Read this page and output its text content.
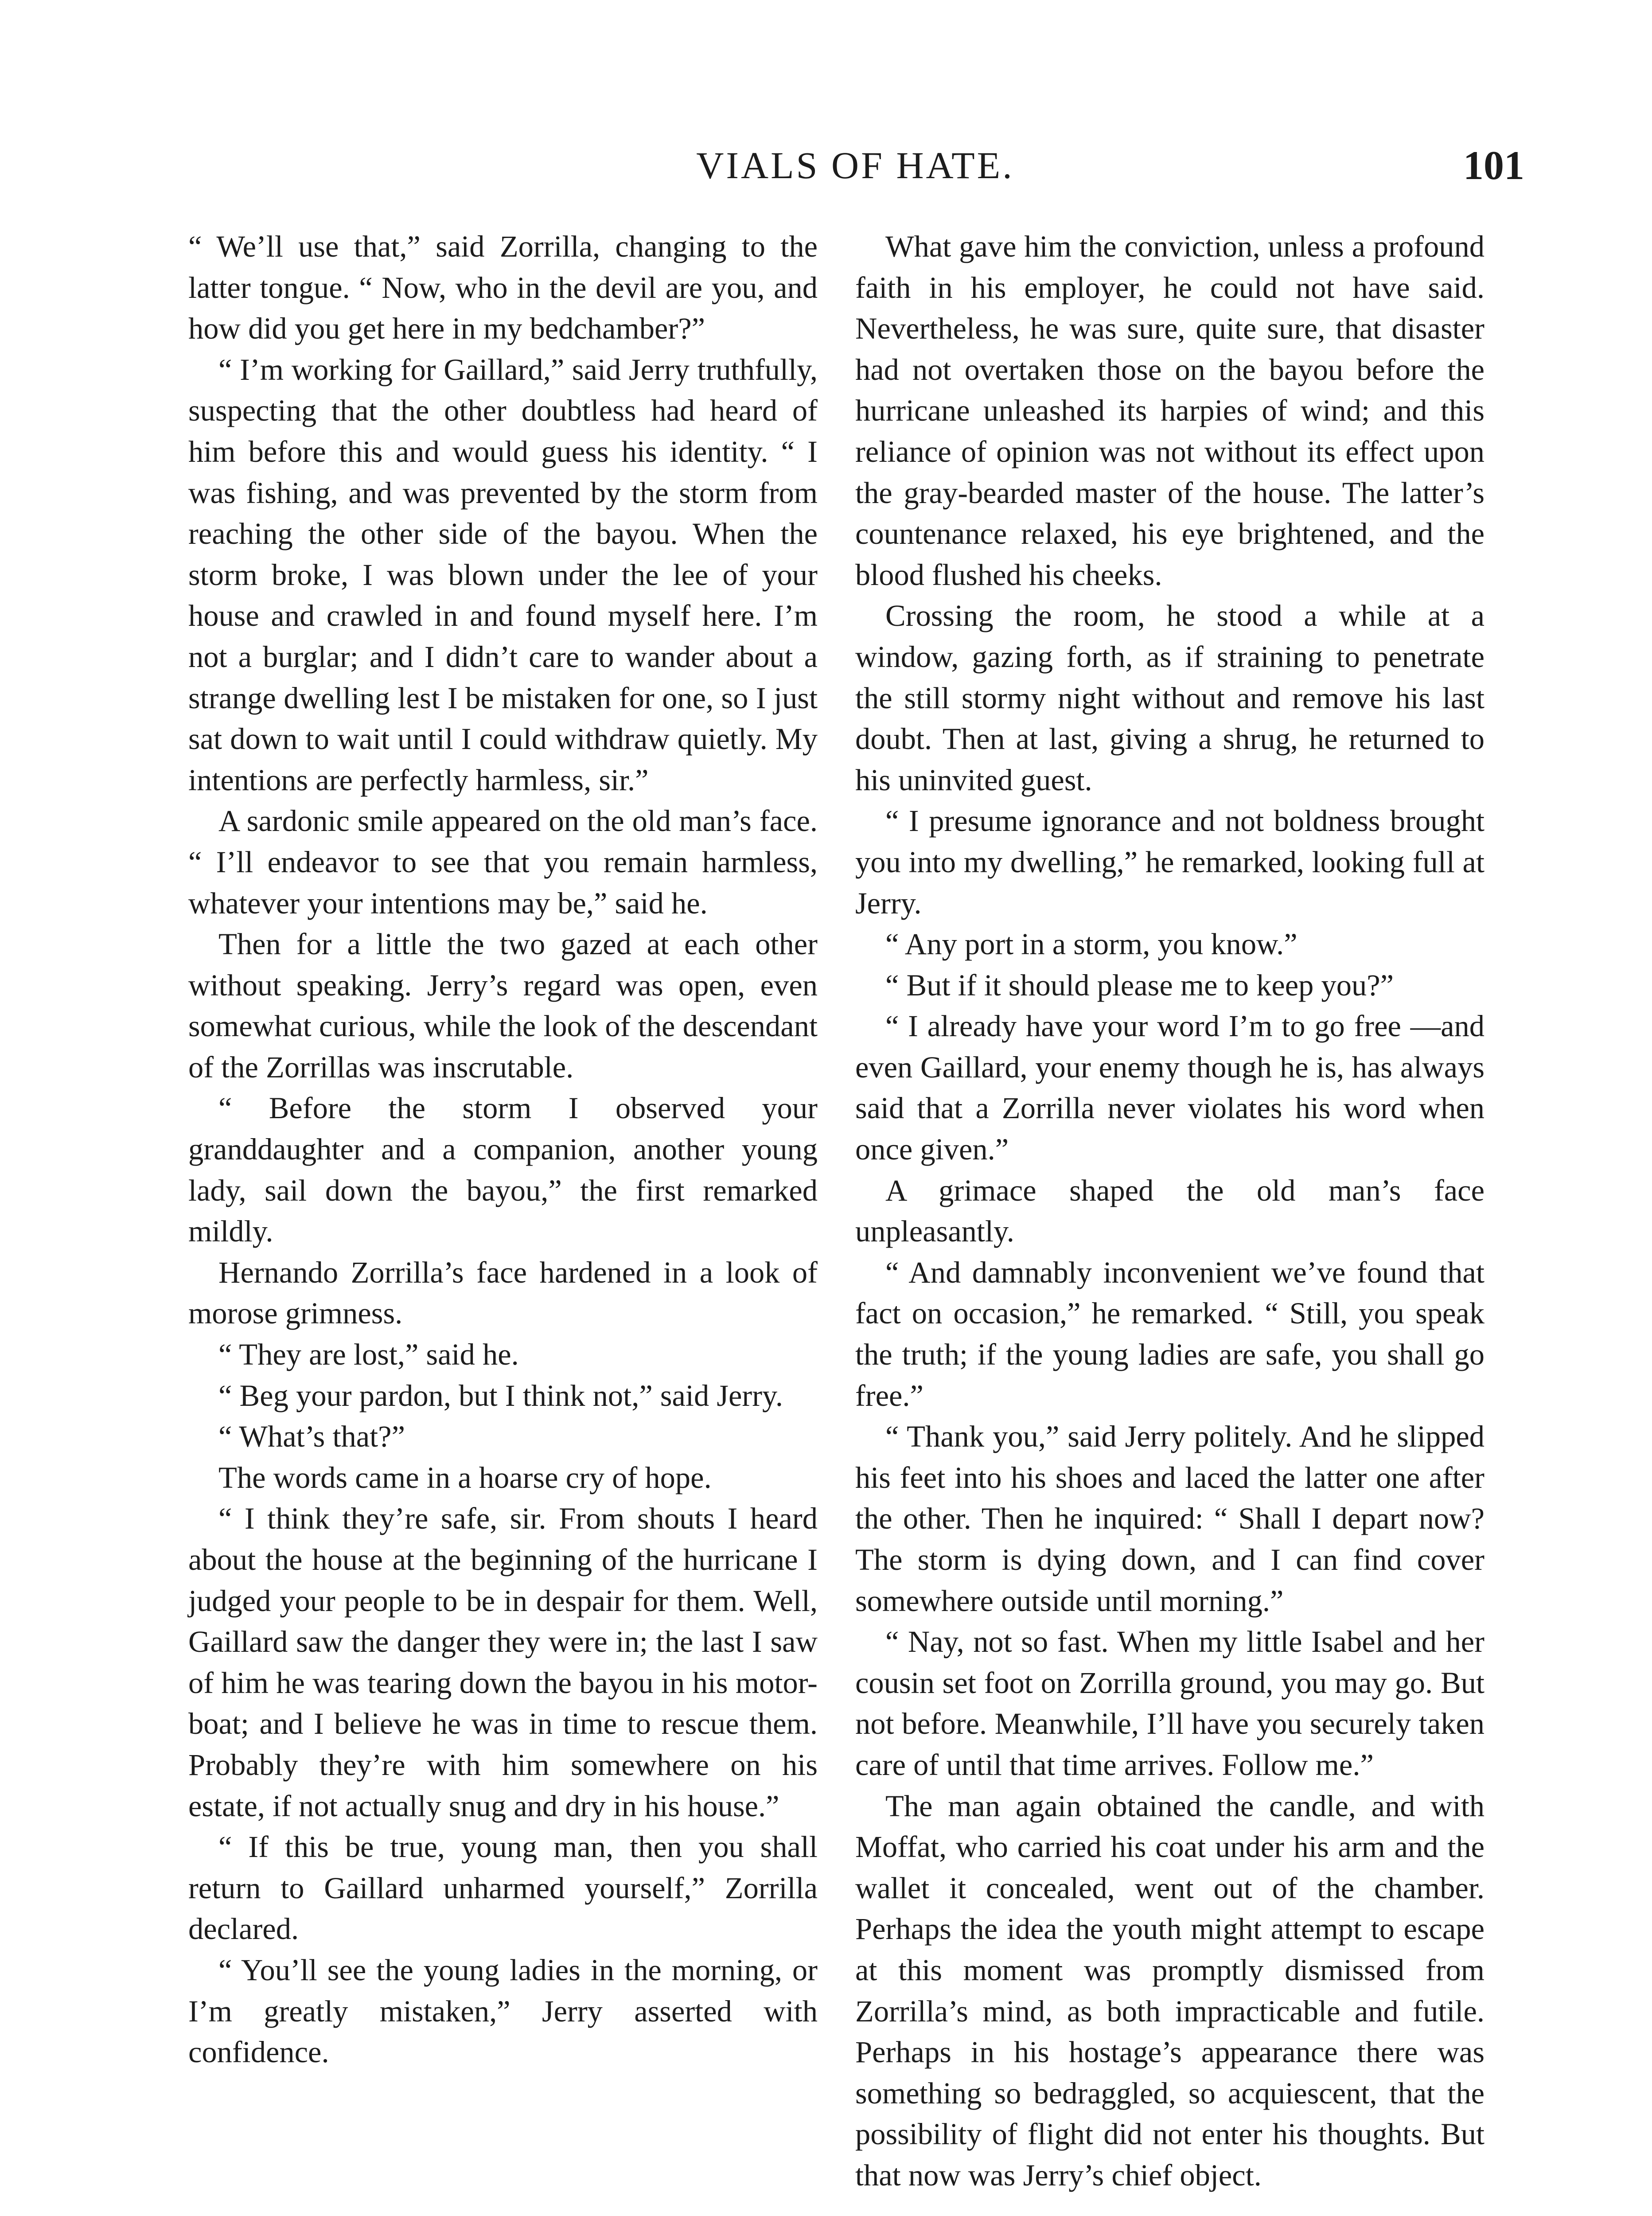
VIALS OF HATE.	101

“ We’ll use that,” said Zorrilla, changing to the latter tongue. “ Now, who in the devil are you, and how did you get here in my bedchamber?”

“ I’m working for Gaillard,” said Jerry truthfully, suspecting that the other doubtless had heard of him before this and would guess his identity. “ I was fishing, and was prevented by the storm from reaching the other side of the bayou. When the storm broke, I was blown under the lee of your house and crawled in and found myself here. I’m not a burglar; and I didn’t care to wander about a strange dwelling lest I be mistaken for one, so I just sat down to wait until I could withdraw quietly. My intentions are perfectly harmless, sir.”

A sardonic smile appeared on the old man’s face. “ I’ll endeavor to see that you remain harmless, whatever your intentions may be,” said he.

Then for a little the two gazed at each other without speaking. Jerry’s regard was open, even somewhat curious, while the look of the descendant of the Zorrillas was inscrutable.

“ Before the storm I observed your granddaughter and a companion, another young lady, sail down the bayou,” the first remarked mildly.

Hernando Zorrilla’s face hardened in a look of morose grimness.

“ They are lost,” said he.

“ Beg your pardon, but I think not,” said Jerry.

“ What’s that?”

The words came in a hoarse cry of hope.

“ I think they’re safe, sir. From shouts I heard about the house at the beginning of the hurricane I judged your people to be in despair for them. Well, Gaillard saw the danger they were in; the last I saw of him he was tearing down the bayou in his motor-boat; and I believe he was in time to rescue them. Probably they’re with him somewhere on his estate, if not actually snug and dry in his house.”

“ If this be true, young man, then you shall return to Gaillard unharmed yourself,” Zorrilla declared.

“ You’ll see the young ladies in the morning, or I’m greatly mistaken,” Jerry asserted with confidence.

What gave him the conviction, unless a profound faith in his employer, he could not have said. Nevertheless, he was sure, quite sure, that disaster had not overtaken those on the bayou before the hurricane unleashed its harpies of wind; and this reliance of opinion was not without its effect upon the gray-bearded master of the house. The latter’s countenance relaxed, his eye brightened, and the blood flushed his cheeks.

Crossing the room, he stood a while at a window, gazing forth, as if straining to penetrate the still stormy night without and remove his last doubt. Then at last, giving a shrug, he returned to his uninvited guest.

“ I presume ignorance and not boldness brought you into my dwelling,” he remarked, looking full at Jerry.

“ Any port in a storm, you know.”

“ But if it should please me to keep you?”

“ I already have your word I’m to go free —and even Gaillard, your enemy though he is, has always said that a Zorrilla never violates his word when once given.”

A grimace shaped the old man’s face unpleasantly.

“ And damnably inconvenient we’ve found that fact on occasion,” he remarked. “ Still, you speak the truth; if the young ladies are safe, you shall go free.”

“ Thank you,” said Jerry politely. And he slipped his feet into his shoes and laced the latter one after the other. Then he inquired: “ Shall I depart now? The storm is dying down, and I can find cover somewhere outside until morning.”

“ Nay, not so fast. When my little Isabel and her cousin set foot on Zorrilla ground, you may go. But not before. Meanwhile, I’ll have you securely taken care of until that time arrives. Follow me.”

The man again obtained the candle, and with Moffat, who carried his coat under his arm and the wallet it concealed, went out of the chamber. Perhaps the idea the youth might attempt to escape at this moment was promptly dismissed from Zorrilla’s mind, as both impracticable and futile. Perhaps in his hostage’s appearance there was something so bedraggled, so acquiescent, that the possibility of flight did not enter his thoughts. But that now was Jerry’s chief object.
